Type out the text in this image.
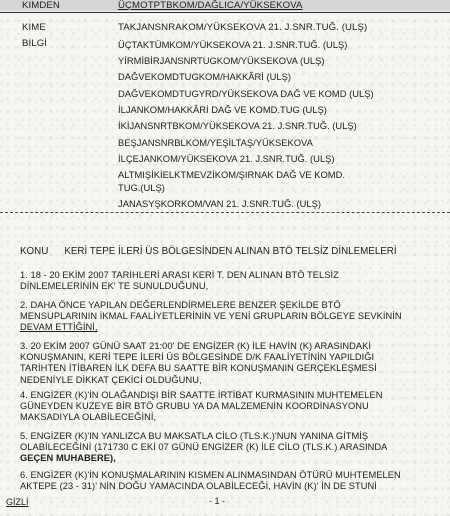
KIMDEN	ÜÇMOTPTBKOM/DAĞLICA/YÜKSEKOVA
KIME	TAKJANSNRAKOM/YÜKSEKOVA 21. J.SNR.TUĞ. (ULŞ)
BILGİ	ÜÇTAKTÜMKOM/YÜKSEKOVA 21. J.SNR.TUĞ. (ULŞ)
YİRMİBİRJANSNRTUGKOM/YÜKSEKOVA (ULŞ)
DAĞVEKOMDTUGKOM/HAKKÂRİ (ULŞ)
DAĞVEKOMDTUGYRD/YÜKSEKOVA DAĞ VE KOMD (ULŞ)
İLJANKOM/HAKKÂRİ DAĞ VE KOMD.TUG (ULŞ)
İKİJANSNRTBKOM/YÜKSEKOVA 21. J.SNR.TUĞ. (ULŞ)
BEŞJANSNRBLKOM/YEŞİLTAŞ/YÜKSEKOVA
İLÇEJANKOM/YÜKSEKOVA 21. J.SNR.TUĞ. (ULŞ)
ALTMIŞİKİELKTMEVZİKOM/ŞIRNAK DAĞ VE KOMD.
TUG.(ULŞ)
JANASYŞKORKOM/VAN 21. J.SNR.TUĞ. (ULŞ)
KONU KERİ TEPE İLERİ ÜS BÖLGESİNDEN ALINAN BTÖ TELSİZ DİNLEMELERİ
1. 18 - 20 EKİM 2007 TARİHLERİ ARASI KERİ T. DEN ALINAN BTÖ TELSİZ
DİNLEMELERİNİN EK' TE SUNULDUĞUNU,
2. DAHA ÖNCE YAPILAN DEĞERLENDİRMELERE BENZER ŞEKİLDE BTÖ
MENSUPLARININ İKMAL FAALİYETLERİNİN VE YENİ GRUPLARIN BÖLGEYE SEVKİNİN
DEVAM ETTİĞİNİ,
3. 20 EKİM 2007 GÜNÜ SAAT 21:00' DE ENGİZER (K) İLE HAVİN (K) ARASINDAKİ
KONUŞMANIN, KERİ TEPE İLERİ ÜS BÖLGESİNDE D/K FAALİYETİNİN YAPILDIĞI
TARİHTEN İTİBAREN İLK DEFA BU SAATTE BİR KONUŞMANIN GERÇEKLEŞMESİ
NEDENİYLE DİKKAT ÇEKİCİ OLDUĞUNU,
4. ENGİZER (K)'İN OLAĞANDIŞI BİR SAATTE İRTİBAT KURMASININ MUHTEMELEN
GÜNEYDEN KUZEYE BİR BTÖ GRUBU YA DA MALZEMENİN KOORDİNASYONU
MAKSADIYLA OLABİLECEĞİNİ,
5. ENGİZER (K)'IN YANLIZCA BU MAKSATLA CİLO (TLS.K.)'NUN YANINA GİTMİŞ
OLABİLECEĞİNİ (171730 C EKİ 07 GÜNÜ ENGİZER (K) İLE CİLO (TLS.K.) ARASINDA
GEÇEN MUHABERE),
6. ENGİZER (K)'İN KONUŞMALARININ KISMEN ALINMASINDAN ÖTÜRÜ MUHTEMELEN
AKTEPE (23 - 31)' NİN DOĞU YAMACINDA OLABİLECEĞİ, HAVİN (K)' İN DE STUNİ
GİZLİ	- 1 -
